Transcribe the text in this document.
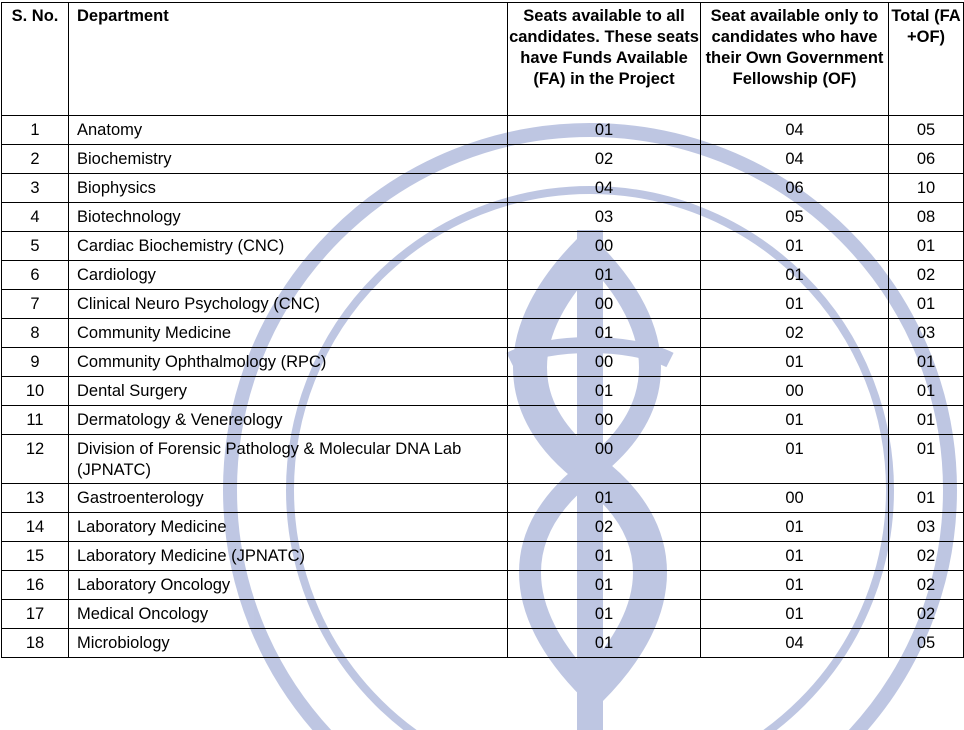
S. No.	Department	Seats available to all candidates. These seats have Funds Available (FA) in the Project	Seat available only to candidates who have their Own Government Fellowship (OF)	Total (FA +OF)
1	Anatomy	01	04	05
2	Biochemistry	02	04	06
3	Biophysics	04	06	10
4	Biotechnology	03	05	08
5	Cardiac Biochemistry (CNC)	00	01	01
6	Cardiology	01	01	02
7	Clinical Neuro Psychology (CNC)	00	01	01
8	Community Medicine	01	02	03
9	Community Ophthalmology (RPC)	00	01	01
10	Dental Surgery	01	00	01
11	Dermatology & Venereology	00	01	01
12	Division of Forensic Pathology & Molecular DNA Lab (JPNATC)	00	01	01
13	Gastroenterology	01	00	01
14	Laboratory Medicine	02	01	03
15	Laboratory Medicine (JPNATC)	01	01	02
16	Laboratory Oncology	01	01	02
17	Medical Oncology	01	01	02
18	Microbiology	01	04	05
